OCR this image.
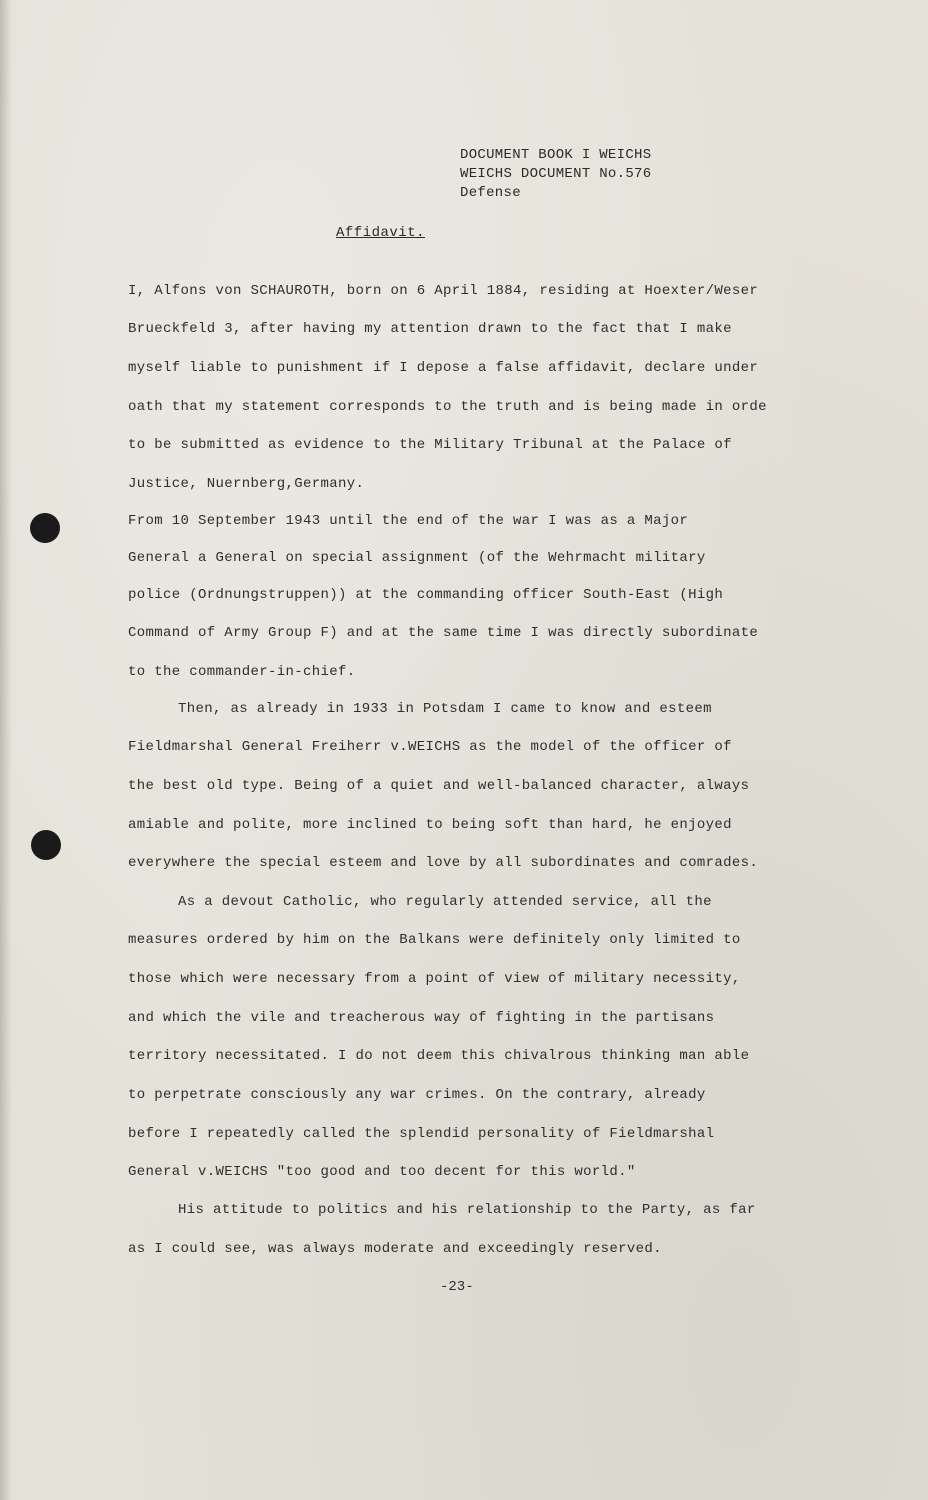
DOCUMENT BOOK I WEICHS
WEICHS DOCUMENT No.576
Defense
Affidavit.
I, Alfons von SCHAUROTH, born on 6 April 1884, residing at Hoexter/Weser
Brueckfeld 3, after having my attention drawn to the fact that I make
myself liable to punishment if I depose a false affidavit, declare under
oath that my statement corresponds to the truth and is being made in orde
to be submitted as evidence to the Military Tribunal at the Palace of
Justice, Nuernberg,Germany.
From 10 September 1943 until the end of the war I was as a Major
General a General on special assignment (of the Wehrmacht military
police (Ordnungstruppen)) at the commanding officer South-East (High
Command of Army Group F) and at the same time I was directly subordinate
to the commander-in-chief.
Then, as already in 1933 in Potsdam I came to know and esteem
Fieldmarshal General Freiherr v.WEICHS as the model of the officer of
the best old type. Being of a quiet and well-balanced character, always
amiable and polite, more inclined to being soft than hard, he enjoyed
everywhere the special esteem and love by all subordinates and comrades.
As a devout Catholic, who regularly attended service, all the
measures ordered by him on the Balkans were definitely only limited to
those which were necessary from a point of view of military necessity,
and which the vile and treacherous way of fighting in the partisans
territory necessitated. I do not deem this chivalrous thinking man able
to perpetrate consciously any war crimes. On the contrary, already
before I repeatedly called the splendid personality of Fieldmarshal
General v.WEICHS "too good and too decent for this world."
His attitude to politics and his relationship to the Party, as far
as I could see, was always moderate and exceedingly reserved.
-23-
